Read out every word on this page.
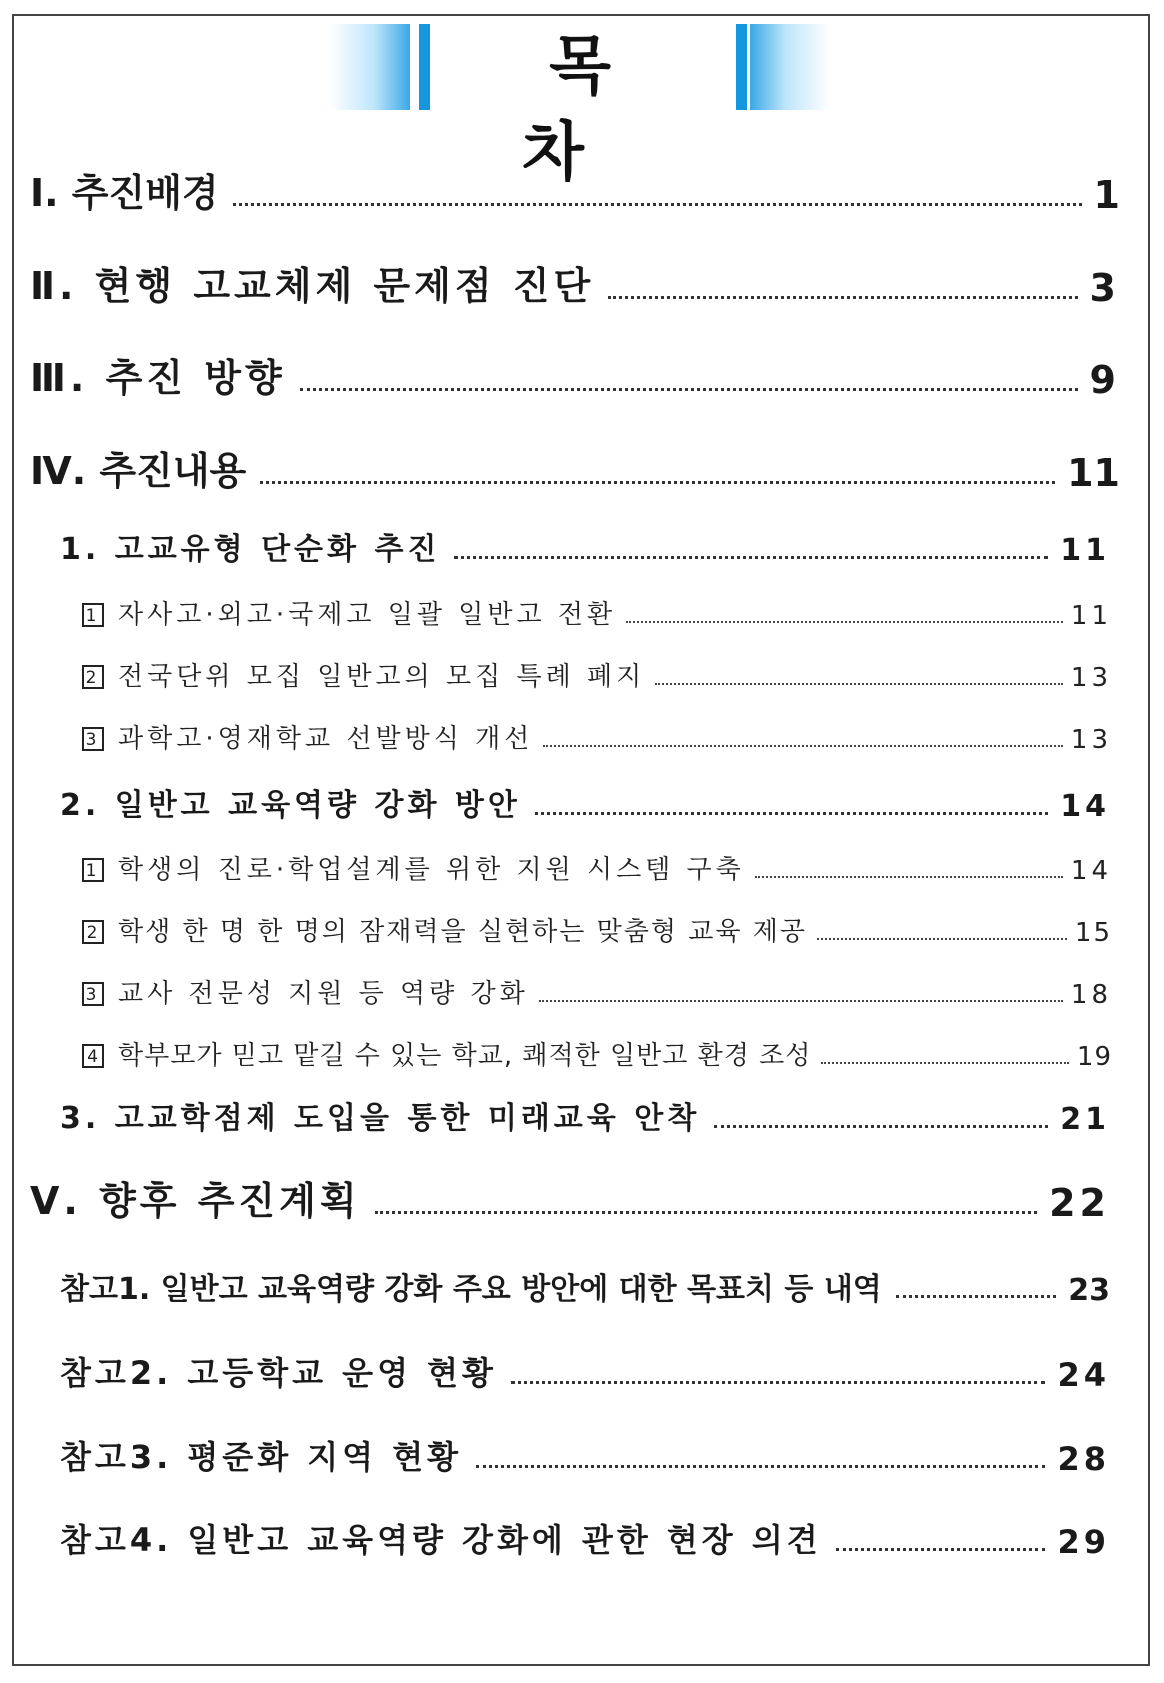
목 차
Ⅰ. 추진배경	1
Ⅱ. 현행 고교체제 문제점 진단	3
Ⅲ. 추진 방향	9
Ⅳ. 추진내용	11
1. 고교유형 단순화 추진	11
1 자사고·외고·국제고 일괄 일반고 전환	11
2 전국단위 모집 일반고의 모집 특례 폐지	13
3 과학고·영재학교 선발방식 개선	13
2. 일반고 교육역량 강화 방안	14
1 학생의 진로·학업설계를 위한 지원 시스템 구축	14
2 학생 한 명 한 명의 잠재력을 실현하는 맞춤형 교육 제공	15
3 교사 전문성 지원 등 역량 강화	18
4 학부모가 믿고 맡길 수 있는 학교, 쾌적한 일반고 환경 조성	19
3. 고교학점제 도입을 통한 미래교육 안착	21
Ⅴ. 향후 추진계획	22
참고1. 일반고 교육역량 강화 주요 방안에 대한 목표치 등 내역	23
참고2. 고등학교 운영 현황	24
참고3. 평준화 지역 현황	28
참고4. 일반고 교육역량 강화에 관한 현장 의견	29
